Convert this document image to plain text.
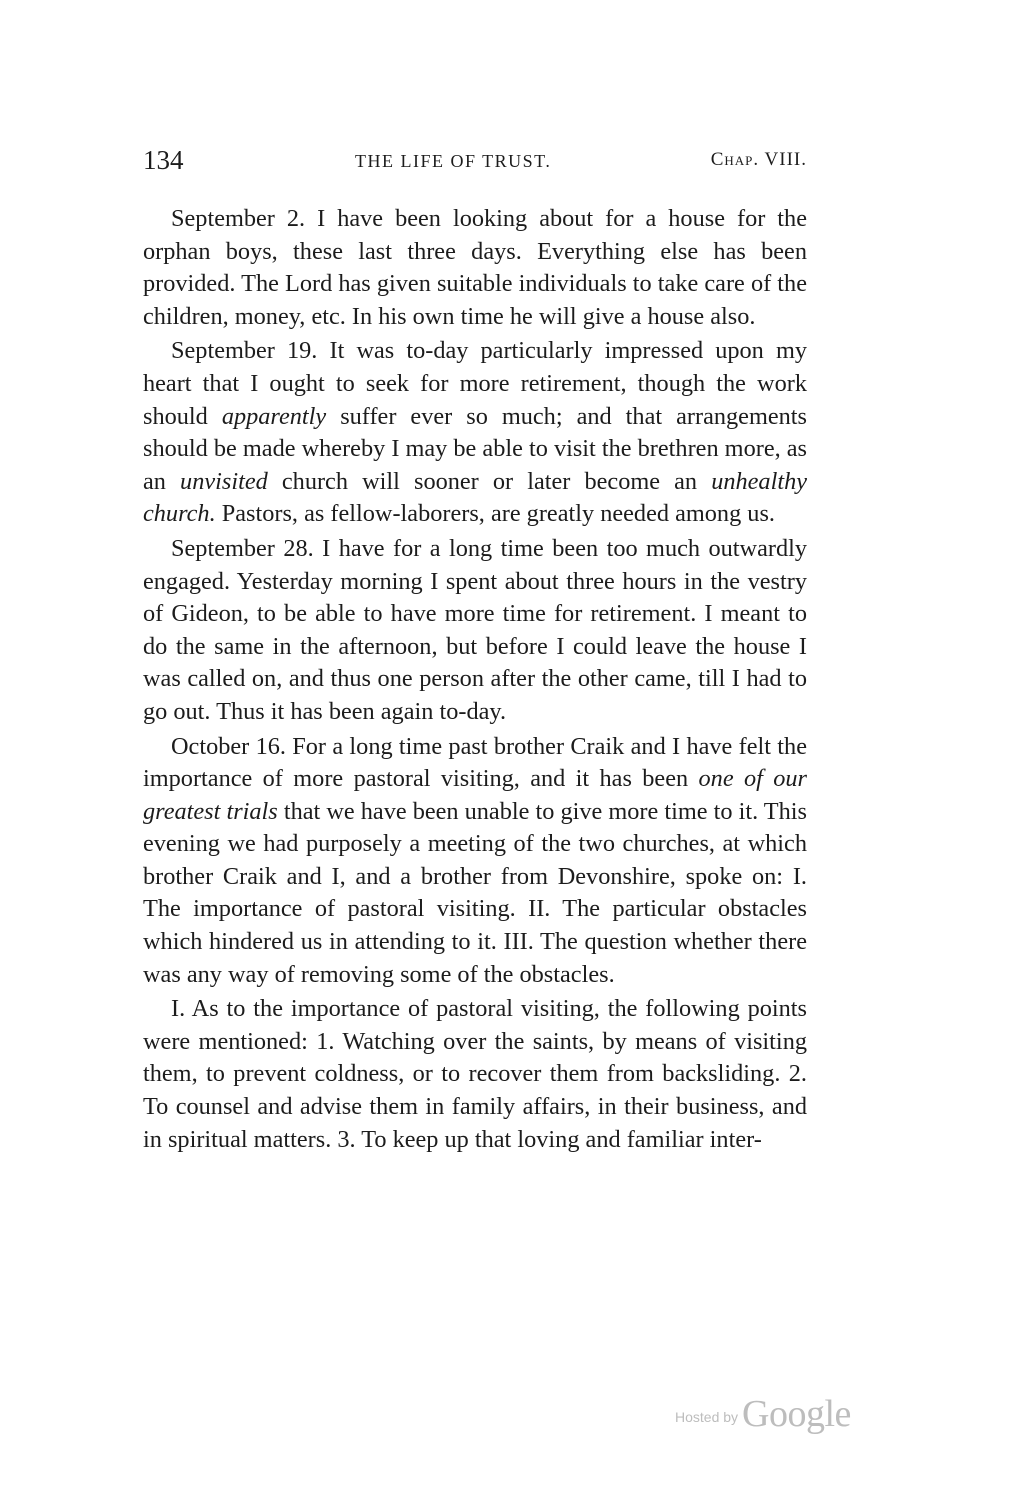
134	THE LIFE OF TRUST.	Chap. VIII.

September 2. I have been looking about for a house for the orphan boys, these last three days. Everything else has been provided. The Lord has given suitable individuals to take care of the children, money, etc. In his own time he will give a house also.

September 19. It was to-day particularly impressed upon my heart that I ought to seek for more retirement, though the work should apparently suffer ever so much; and that arrangements should be made whereby I may be able to visit the brethren more, as an unvisited church will sooner or later become an unhealthy church. Pastors, as fellow-laborers, are greatly needed among us.

September 28. I have for a long time been too much outwardly engaged. Yesterday morning I spent about three hours in the vestry of Gideon, to be able to have more time for retirement. I meant to do the same in the afternoon, but before I could leave the house I was called on, and thus one person after the other came, till I had to go out. Thus it has been again to-day.

October 16. For a long time past brother Craik and I have felt the importance of more pastoral visiting, and it has been one of our greatest trials that we have been unable to give more time to it. This evening we had purposely a meeting of the two churches, at which brother Craik and I, and a brother from Devonshire, spoke on: I. The importance of pastoral visiting. II. The particular obstacles which hindered us in attending to it. III. The question whether there was any way of removing some of the obstacles.

I. As to the importance of pastoral visiting, the following points were mentioned: 1. Watching over the saints, by means of visiting them, to prevent coldness, or to recover them from backsliding. 2. To counsel and advise them in family affairs, in their business, and in spiritual matters. 3. To keep up that loving and familiar inter-

Hosted by Google
